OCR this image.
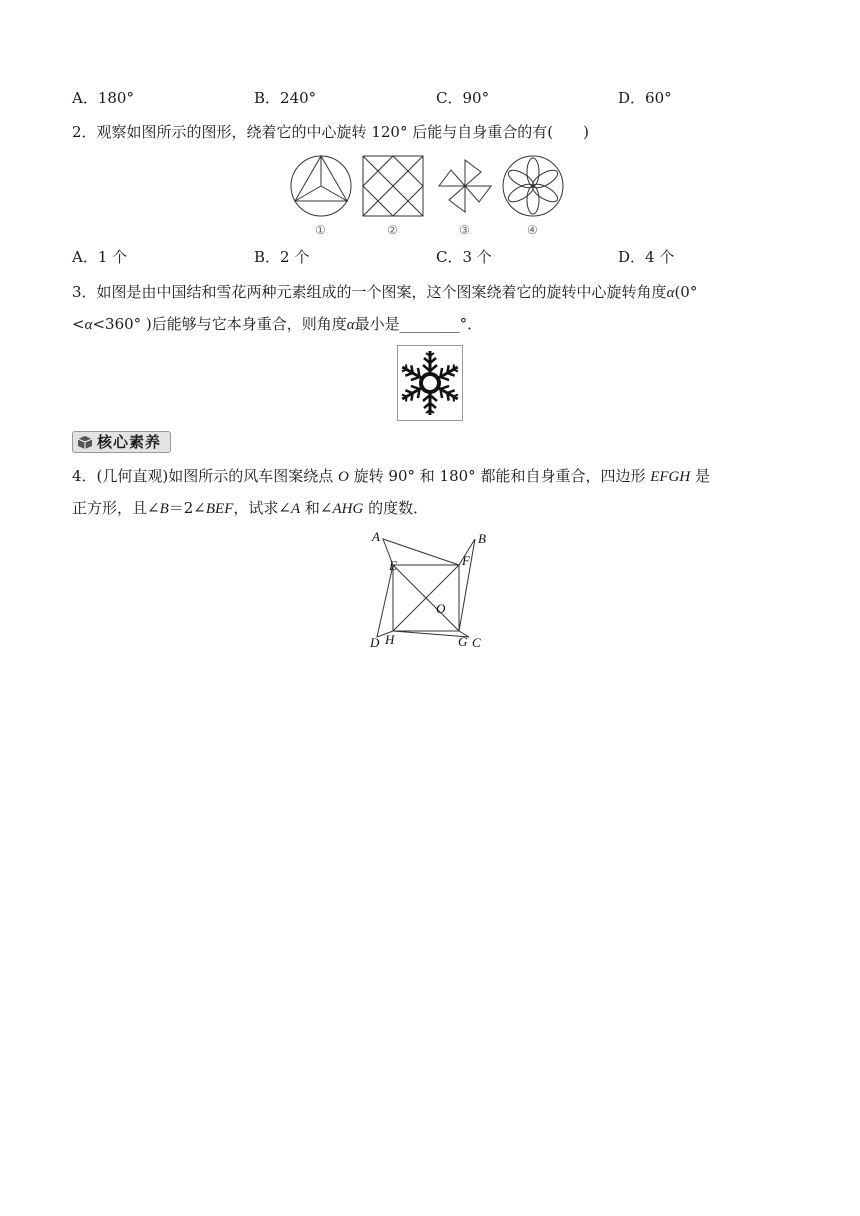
A．180°	B．240°	C．90°	D．60°
2．观察如图所示的图形，绕着它的中心旋转 120° 后能与自身重合的有(　　)
①	②	③	④
A．1 个	B．2 个	C．3 个	D．4 个
3．如图是由中国结和雪花两种元素组成的一个图案，这个图案绕着它的旋转中心旋转角度α(0°
<α<360° )后能够与它本身重合，则角度α最小是________°．
核心素养
4．(几何直观)如图所示的风车图案绕点 O 旋转 90° 和 180° 都能和自身重合，四边形 EFGH 是
正方形，且∠B＝2∠BEF，试求∠A 和∠AHG 的度数．
A	B
C
D
E	F
G
H
O
